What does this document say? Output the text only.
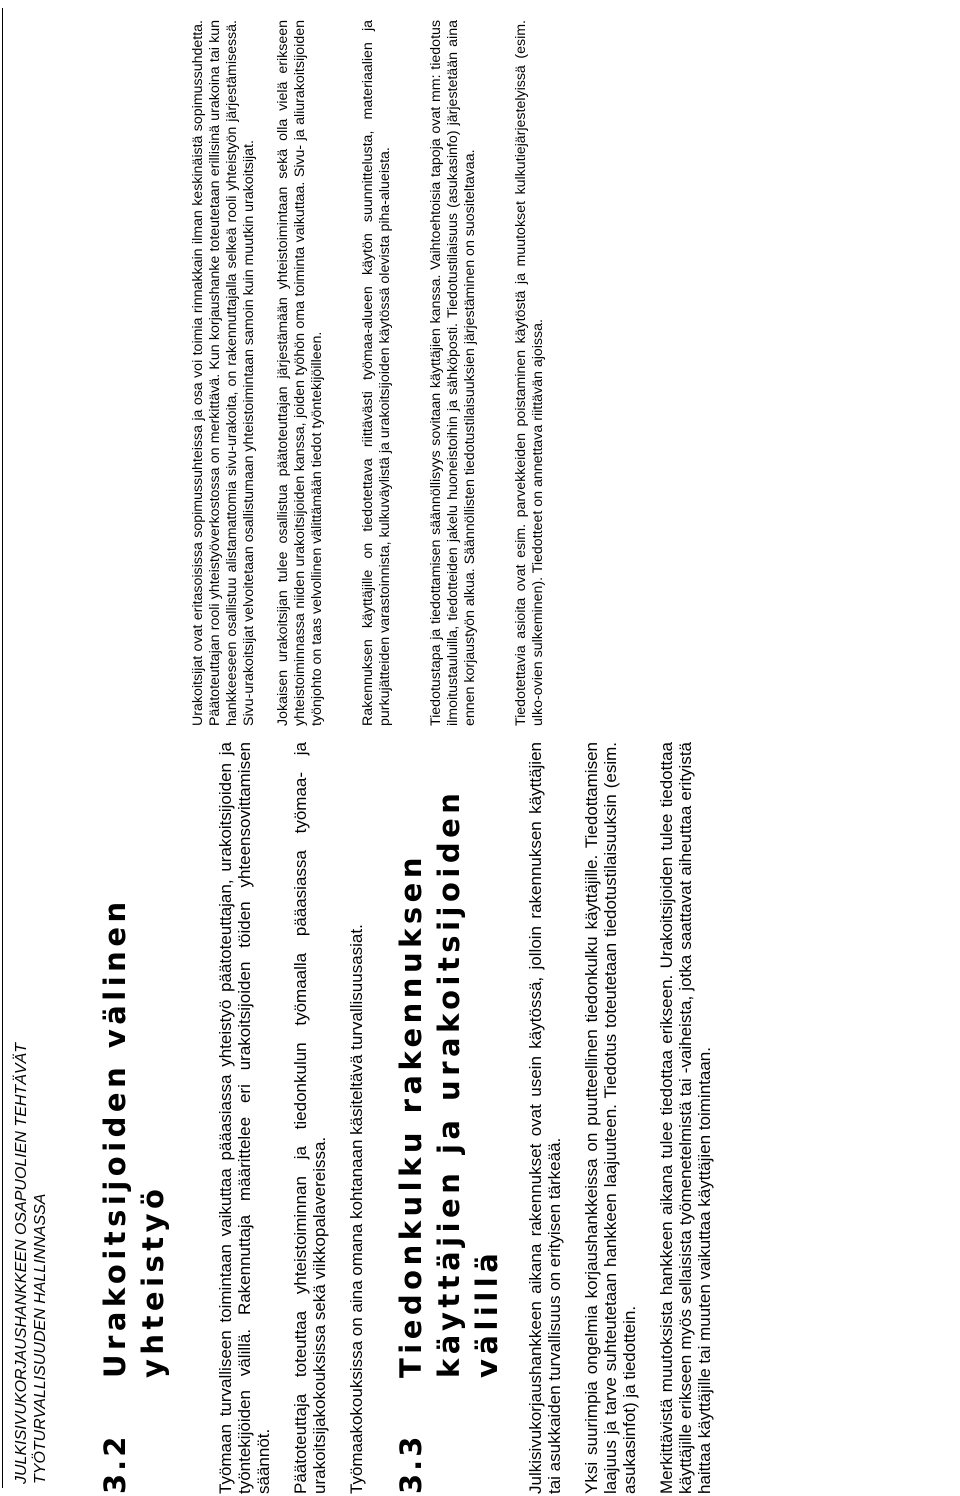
JULKISIVUKORJAUSHANKKEEN OSAPUOLIEN TEHTÄVÄT TYÖTURVALLISUUDEN HALLINNASSA 3.2
Urakoitsijoiden välinen yhteistyö	Työmaan turvalliseen toimintaan vaikuttaa pääasiassa yhteistyö päätoteuttajan, urakoitsijoiden ja työntekijöiden välillä. Rakennuttaja määrittelee eri urakoitsijoiden töiden yhteensovittamisen säännöt. Päätoteuttaja toteuttaa yhteistoiminnan ja tiedonkulun työmaalla pääasiassa työmaa- ja urakoitsijakokouksissa sekä viikkopalavereissa. Työmaakokouksissa on aina omana kohtanaan käsiteltävä turvallisuusasiat. 3.3
Tiedonkulku rakennuksen käyttäjien ja urakoitsijoiden välillä Julkisivukorjaushankkeen aikana rakennukset ovat usein käytössä, jolloin rakennuksen käyttäjien tai asukkaiden turvallisuus on erityisen tärkeää. Yksi suurimpia ongelmia korjaushankkeissa on puutteellinen tiedonkulku käyttäjille. Tiedottamisen laajuus ja tarve suhteutetaan hankkeen laajuuteen. Tiedotus toteutetaan tiedotustilaisuuksin (esim. asukasinfot) ja tiedottein. Merkittävistä muutoksista hankkeen aikana tulee tiedottaa erikseen. Urakoitsijoiden tulee tiedottaa käyttäjille erikseen myös sellaisista työmenetelmistä tai -vaiheista, jotka saattavat aiheuttaa erityistä haittaa käyttäjille tai muuten vaikuttaa käyttäjien toimintaan.

Urakoitsijat ovat eritasoisissa sopimussuhteissa ja osa voi toimia rinnakkain ilman keskinäistä sopimussuhdetta. Päätoteuttajan rooli yhteistyöverkostossa on merkittävä. Kun korjaushanke toteutetaan erillisinä urakoina tai kun hankkeeseen osallistuu alistamattomia sivu-urakoita, on rakennuttajalla selkeä rooli yhteistyön järjestämisessä. Sivu-urakoitsijat velvoitetaan osallistumaan yhteistoimintaan samoin kuin muutkin urakoitsijat. Jokaisen urakoitsijan tulee osallistua päätoteuttajan järjestämään yhteistoimintaan sekä olla vielä erikseen yhteistoiminnassa niiden urakoitsijoiden kanssa, joiden työhön oma toiminta vaikuttaa. Sivu- ja aliurakoitsijoiden työnjohto on taas velvollinen välittämään tiedot työntekijöilleen. Rakennuksen käyttäjille on tiedotettava riittävästi työmaa-alueen käytön suunnittelusta, materiaalien ja purkujätteiden varastoinnista, kulkuväylistä ja urakoitsijoiden käytössä olevista piha-alueista. Tiedotustapa ja tiedottamisen säännöllisyys sovitaan käyttäjien kanssa. Vaihtoehtoisia tapoja ovat mm: tiedotus ilmoitustauluilla, tiedotteiden jakelu huoneistoihin ja sähköposti. Tiedotustilaisuus (asukasinfo) järjestetään aina ennen korjaustyön alkua. Säännöllisten tiedotustilaisuuksien järjestäminen on suositeltavaa. Tiedotettavia asioita ovat esim. parvekkeiden poistaminen käytöstä ja muutokset kulkutiejärjestelyissä (esim. ulko-ovien sulkeminen). Tiedotteet on annettava riittävän ajoissa.
